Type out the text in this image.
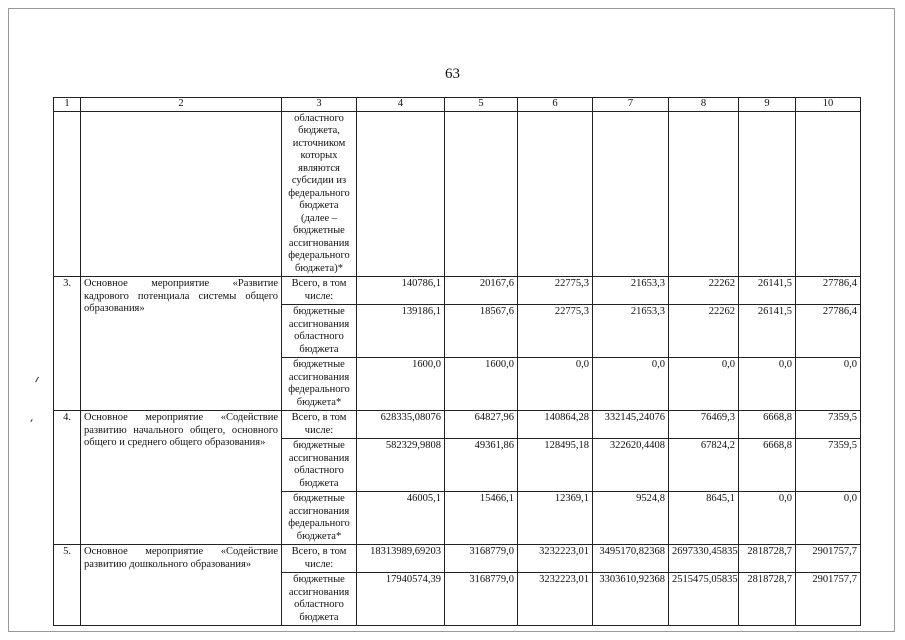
63
1	2	3	4	5	6	7	8	9	10
		областного бюджета, источником которых являются субсидии из федерального бюджета (далее – бюджетные ассигнования федерального бюджета)*							
3.	Основное мероприятие «Развитие кадрового потенциала системы общего образования»	Всего, в том числе:	140786,1	20167,6	22775,3	21653,3	22262	26141,5	27786,4
		бюджетные ассигнования областного бюджета	139186,1	18567,6	22775,3	21653,3	22262	26141,5	27786,4
		бюджетные ассигнования федерального бюджета*	1600,0	1600,0	0,0	0,0	0,0	0,0	0,0
4.	Основное мероприятие «Содействие развитию начального общего, основного общего и среднего общего образования»	Всего, в том числе:	628335,08076	64827,96	140864,28	332145,24076	76469,3	6668,8	7359,5
		бюджетные ассигнования областного бюджета	582329,9808	49361,86	128495,18	322620,4408	67824,2	6668,8	7359,5
		бюджетные ассигнования федерального бюджета*	46005,1	15466,1	12369,1	9524,8	8645,1	0,0	0,0
5.	Основное мероприятие «Содействие развитию дошкольного образования»	Всего, в том числе:	18313989,69203	3168779,0	3232223,01	3495170,82368	2697330,45835	2818728,7	2901757,7
		бюджетные ассигнования областного бюджета	17940574,39	3168779,0	3232223,01	3303610,92368	2515475,05835	2818728,7	2901757,7
